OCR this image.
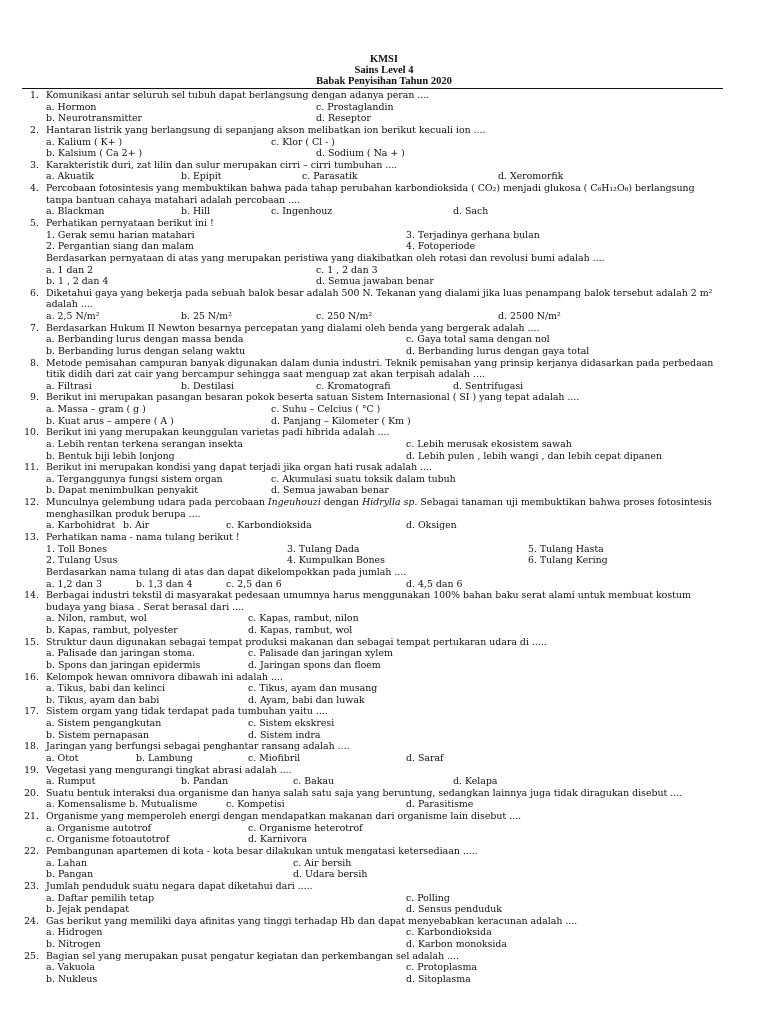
KMSI
Sains Level 4
Babak Penyisihan Tahun 2020
1. Komunikasi antar seluruh sel tubuh dapat berlangsung dengan adanya peran ....
a. Hormon	c. Prostaglandin
b. Neurotransmitter	d. Reseptor
2. Hantaran listrik yang berlangsung di sepanjang akson melibatkan ion berikut kecuali ion ....
a. Kalium ( K+ )	c. Klor ( Cl - )
b. Kalsium ( Ca 2+ )	d. Sodium ( Na + )
3. Karakteristik duri, zat lilin dan sulur merupakan cirri – cirri tumbuhan ....
a. Akuatik	b. Epipit	c. Parasatik	d. Xeromorfik
4. Percobaan fotosintesis yang membuktikan bahwa pada tahap perubahan karbondioksida ( CO₂) menjadi glukosa ( C₆H₁₂O₆) berlangsung
tanpa bantuan cahaya matahari adalah percobaan ....
a. Blackman	b. Hill	c. Ingenhouz	d. Sach
5. Perhatikan pernyataan berikut ini !
1. Gerak semu harian matahari	3. Terjadinya gerhana bulan
2. Pergantian siang dan malam	4. Fotoperiode
Berdasarkan pernyataan di atas yang merupakan peristiwa yang diakibatkan oleh rotasi dan revolusi bumi adalah ....
a. 1 dan 2	c. 1 , 2 dan 3
b. 1 , 2 dan 4	d. Semua jawaban benar
6. Diketahui gaya yang bekerja pada sebuah balok besar adalah 500 N. Tekanan yang dialami jika luas penampang balok tersebut adalah 2 m²
adalah ....
a. 2,5 N/m²	b. 25 N/m²	c. 250 N/m²	d. 2500 N/m²
7. Berdasarkan Hukum II Newton besarnya percepatan yang dialami oleh benda yang bergerak adalah ....
a. Berbanding lurus dengan massa benda	c. Gaya total sama dengan nol
b. Berbanding lurus dengan selang waktu	d. Berbanding lurus dengan gaya total
8. Metode pemisahan campuran banyak digunakan dalam dunia industri. Teknik pemisahan yang prinsip kerjanya didasarkan pada perbedaan
titik didih dari zat cair yang bercampur sehingga saat menguap zat akan terpisah adalah ....
a. Filtrasi	b. Destilasi	c. Kromatografi	d. Sentrifugasi
9. Berikut ini merupakan pasangan besaran pokok beserta satuan Sistem Internasional ( SI ) yang tepat adalah ....
a. Massa – gram ( g )	c. Suhu – Celcius ( °C )
b. Kuat arus – ampere ( A )	d. Panjang – Kilometer ( Km )
10. Berikut ini yang merupakan keunggulan varietas padi hibrida adalah ....
a. Lebih rentan terkena serangan insekta	c. Lebih merusak ekosistem sawah
b. Bentuk biji lebih lonjong	d. Lebih pulen , lebih wangi , dan lebih cepat dipanen
11. Berikut ini merupakan kondisi yang dapat terjadi jika organ hati rusak adalah ....
a. Terganggunya fungsi sistem organ	c. Akumulasi suatu toksik dalam tubuh
b. Dapat menimbulkan penyakit	d. Semua jawaban benar
12. Munculnya gelembung udara pada percobaan Ingeuhouzi dengan Hidrylla sp. Sebagai tanaman uji membuktikan bahwa proses fotosintesis
menghasilkan produk berupa ....
a. Karbohidrat b. Air	c. Karbondioksida	d. Oksigen
13. Perhatikan nama - nama tulang berikut !
1. Toll Bones	3. Tulang Dada	5. Tulang Hasta
2. Tulang Usus	4. Kumpulkan Bones	6. Tulang Kering
Berdasarkan nama tulang di atas dan dapat dikelompokkan pada jumlah ....
a. 1,2 dan 3	b. 1,3 dan 4	c. 2,5 dan 6	d. 4,5 dan 6
14. Berbagai industri tekstil di masyarakat pedesaan umumnya harus menggunakan 100% bahan baku serat alami untuk membuat kostum
budaya yang biasa . Serat berasal dari ....
a. Nilon, rambut, wol	c. Kapas, rambut, nilon
b. Kapas, rambut, polyester	d. Kapas, rambut, wol
15. Struktur daun digunakan sebagai tempat produksi makanan dan sebagai tempat pertukaran udara di .....
a. Palisade dan jaringan stoma.	c. Palisade dan jaringan xylem
b. Spons dan jaringan epidermis	d. Jaringan spons dan floem
16. Kelompok hewan omnivora dibawah ini adalah ....
a. Tikus, babi dan kelinci	c. Tikus, ayam dan musang
b. Tikus, ayam dan babi	d. Ayam, babi dan luwak
17. Sistem orgam yang tidak terdapat pada tumbuhan yaitu ....
a. Sistem pengangkutan	c. Sistem ekskresi
b. Sistem pernapasan	d. Sistem indra
18. Jaringan yang berfungsi sebagai penghantar ransang adalah ....
a. Otot	b. Lambung	c. Miofibril	d. Saraf
19. Vegetasi yang mengurangi tingkat abrasi adalah ....
a. Rumput	b. Pandan	c. Bakau	d. Kelapa
20. Suatu bentuk interaksi dua organisme dan hanya salah satu saja yang beruntung, sedangkan lainnya juga tidak diragukan disebut ....
a. Komensalisme b. Mutualisme	c. Kompetisi	d. Parasitisme
21. Organisme yang memperoleh energi dengan mendapatkan makanan dari organisme lain disebut ....
a. Organisme autotrof	c. Organisme heterotrof
c. Organisme fotoautotrof	d. Karnivora
22. Pembangunan apartemen di kota - kota besar dilakukan untuk mengatasi ketersediaan .....
a. Lahan	c. Air bersih
b. Pangan	d. Udara bersih
23. Jumlah penduduk suatu negara dapat diketahui dari .....
a. Daftar pemilih tetap	c. Polling
b. Jejak pendapat	d. Sensus penduduk
24. Gas berikut yang memiliki daya afinitas yang tinggi terhadap Hb dan dapat menyebabkan keracunan adalah ....
a. Hidrogen	c. Karbondioksida
b. Nitrogen	d. Karbon monoksida
25. Bagian sel yang merupakan pusat pengatur kegiatan dan perkembangan sel adalah ....
a. Vakuola	c. Protoplasma
b. Nukleus	d. Sitoplasma
